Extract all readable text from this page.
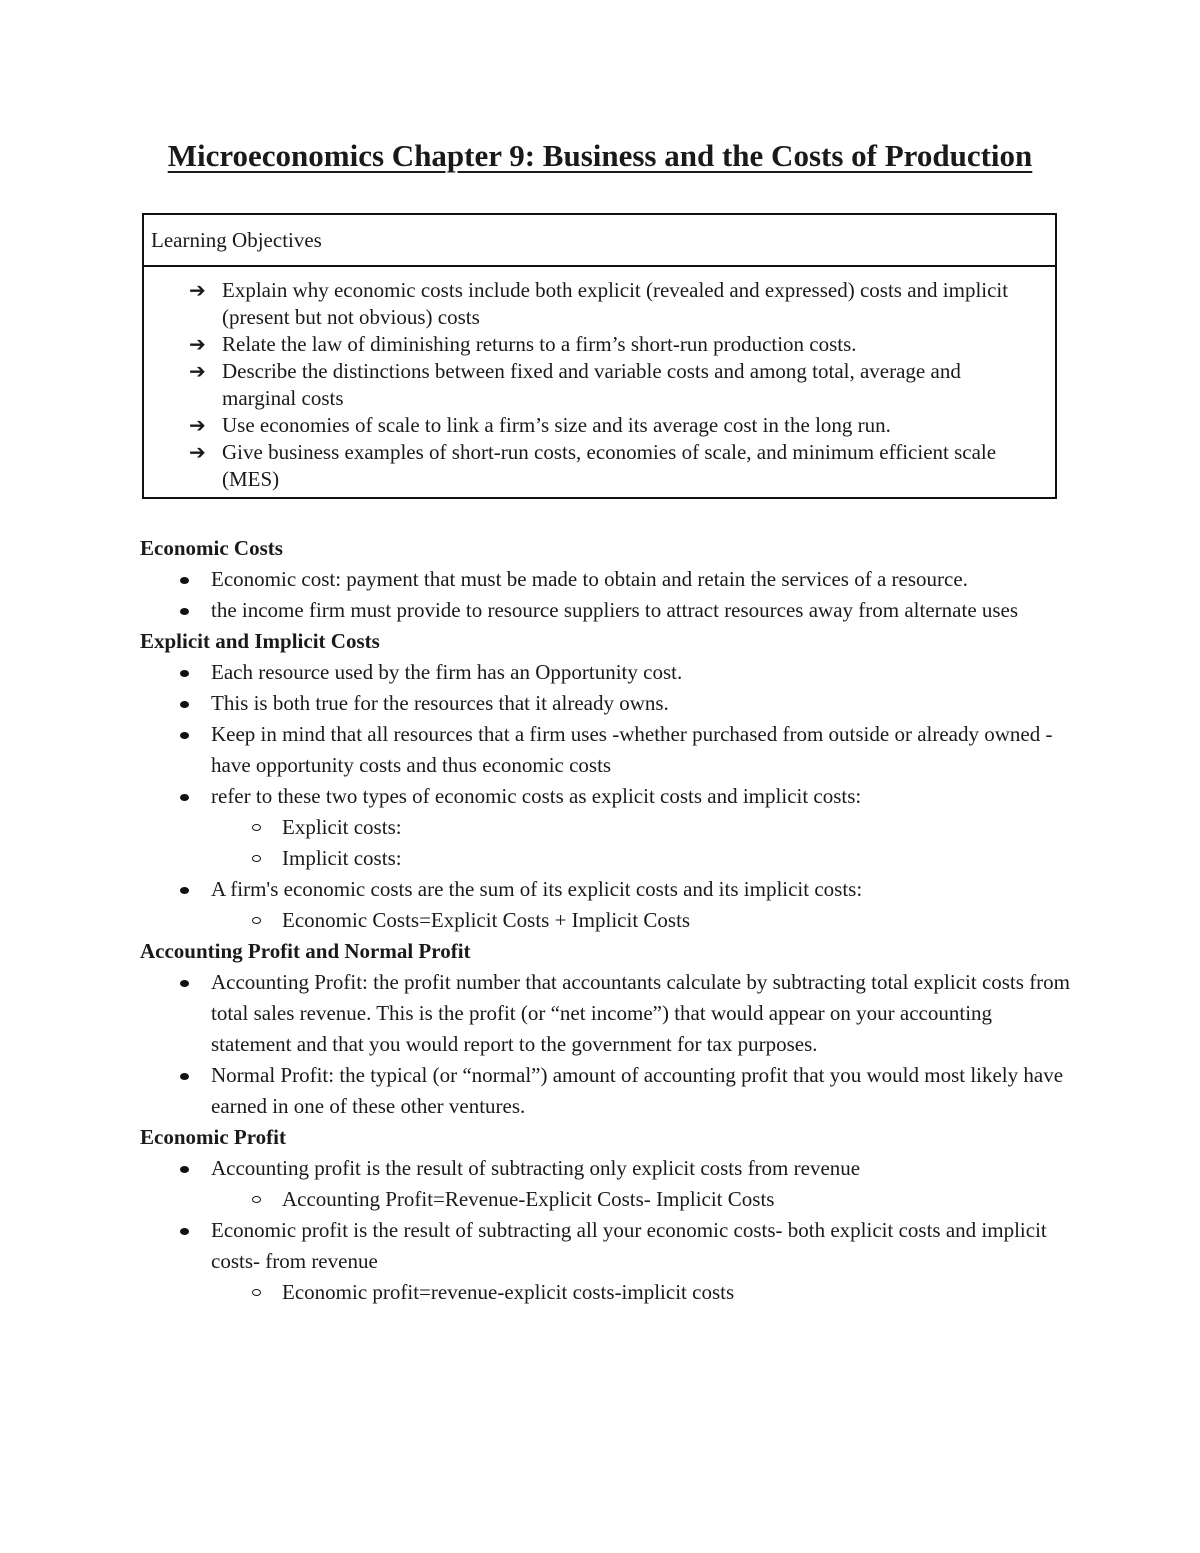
Microeconomics Chapter 9: Business and the Costs of Production
Learning Objectives
➔ Explain why economic costs include both explicit (revealed and expressed) costs and implicit (present but not obvious) costs
➔ Relate the law of diminishing returns to a firm’s short-run production costs.
➔ Describe the distinctions between fixed and variable costs and among total, average and marginal costs
➔ Use economies of scale to link a firm’s size and its average cost in the long run.
➔ Give business examples of short-run costs, economies of scale, and minimum efficient scale (MES)
Economic Costs
Economic cost: payment that must be made to obtain and retain the services of a resource.
the income firm must provide to resource suppliers to attract resources away from alternate uses
Explicit and Implicit Costs
Each resource used by the firm has an Opportunity cost.
This is both true for the resources that it already owns.
Keep in mind that all resources that a firm uses -whether purchased from outside or already owned - have opportunity costs and thus economic costs
refer to these two types of economic costs as explicit costs and implicit costs:
Explicit costs:
Implicit costs:
A firm's economic costs are the sum of its explicit costs and its implicit costs:
Economic Costs=Explicit Costs + Implicit Costs
Accounting Profit and Normal Profit
Accounting Profit: the profit number that accountants calculate by subtracting total explicit costs from total sales revenue. This is the profit (or “net income”) that would appear on your accounting statement and that you would report to the government for tax purposes.
Normal Profit: the typical (or “normal”) amount of accounting profit that you would most likely have earned in one of these other ventures.
Economic Profit
Accounting profit is the result of subtracting only explicit costs from revenue
Accounting Profit=Revenue-Explicit Costs- Implicit Costs
Economic profit is the result of subtracting all your economic costs- both explicit costs and implicit costs- from revenue
Economic profit=revenue-explicit costs-implicit costs
